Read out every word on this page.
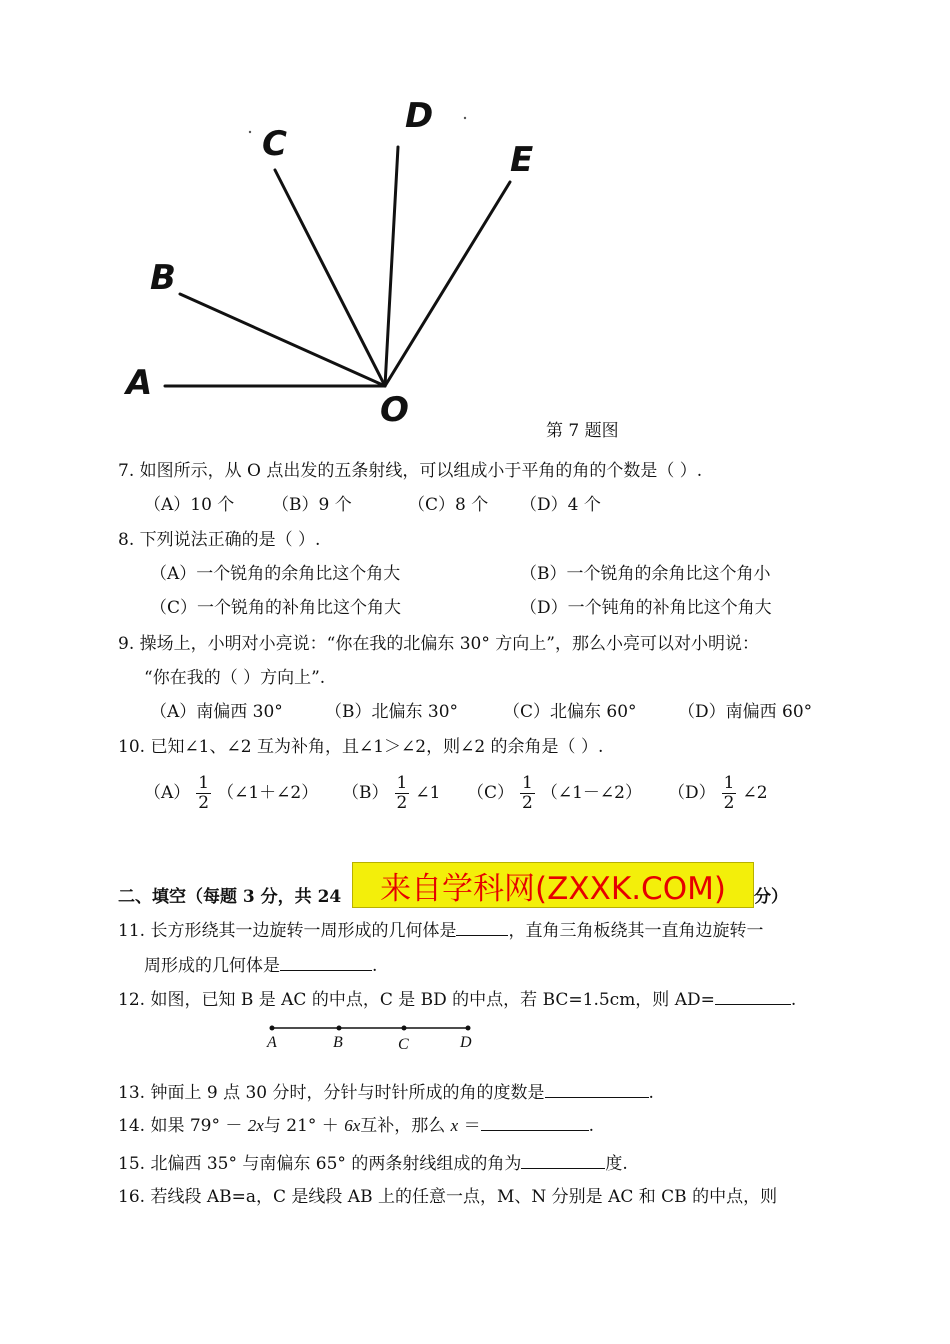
A
B
C
D
E
O
第 7 题图
7. 如图所示，从 O 点出发的五条射线，可以组成小于平角的角的个数是（ ）.
（A）10 个 （B）9 个	（C）8 个 （D）4 个
8. 下列说法正确的是（ ）.
（A）一个锐角的余角比这个角大	（B）一个锐角的余角比这个角小
（C）一个锐角的补角比这个角大	（D）一个钝角的补角比这个角大
9. 操场上，小明对小亮说：“你在我的北偏东 30° 方向上”，那么小亮可以对小明说：
“你在我的（ ）方向上”.
（A）南偏西 30° （B）北偏东 30°	（C）北偏东 60° （D）南偏西 60°
10. 已知∠1、∠2 互为补角，且∠1＞∠2，则∠2 的余角是（ ）.
$(A) \frac{1}{2}$ （∠1＋∠2） $(B) \frac{1}{2}$ ∠1 $(C) \frac{1}{2}$ （∠1－∠2） $(D) \frac{1}{2}$ ∠2
二、填空（每题 3 分，共 24	分）
来自学科网(ZXXK.COM)
11. 长方形绕其一边旋转一周形成的几何体是	，直角三角板绕其一直角边旋转一
周形成的几何体是	.
12. 如图，已知 B 是 AC 的中点，C 是 BD 的中点，若 BC=1.5cm，则 AD=	.
A	B	C	D
13. 钟面上 9 点 30 分时，分针与时针所成的角的度数是	.
14. 如果 79° － 2x与 21° ＋ 6x互补，那么 x ＝	.
15. 北偏西 35° 与南偏东 65° 的两条射线组成的角为	度.
16. 若线段 AB=a，C 是线段 AB 上的任意一点，M、N 分别是 AC 和 CB 的中点，则
